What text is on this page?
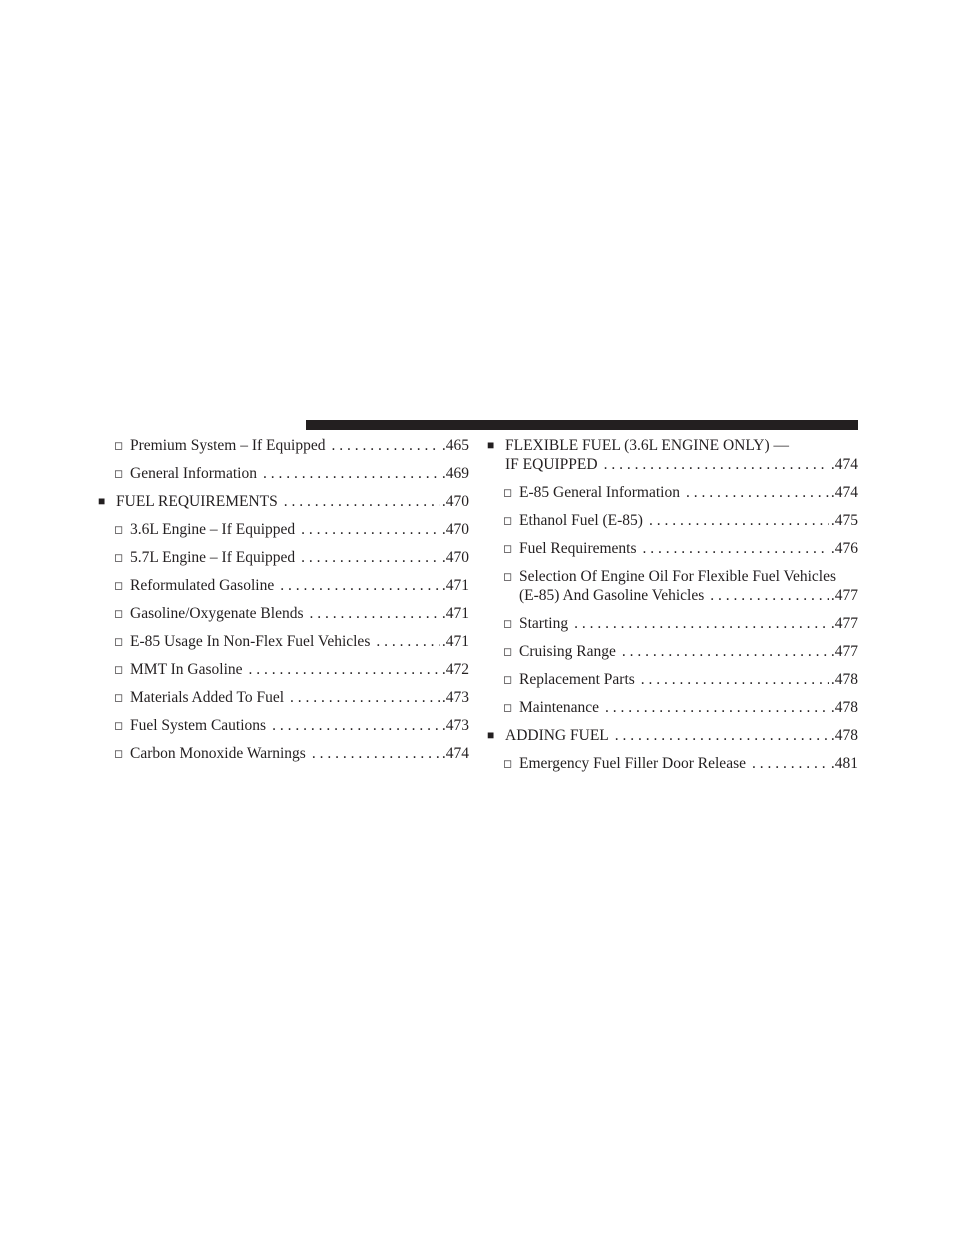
◻ Premium System – If Equipped . . .	.465
◻ General Information . . .	.469
■ FUEL REQUIREMENTS . . .	.470
◻ 3.6L Engine – If Equipped . . .	.470
◻ 5.7L Engine – If Equipped . . .	.470
◻ Reformulated Gasoline . . .	.471
◻ Gasoline/Oxygenate Blends . . .	.471
◻ E-85 Usage In Non-Flex Fuel Vehicles . . .	.471
◻ MMT In Gasoline . . .	.472
◻ Materials Added To Fuel . . .	.473
◻ Fuel System Cautions . . .	.473
◻ Carbon Monoxide Warnings . . .	.474
■ FLEXIBLE FUEL (3.6L ENGINE ONLY) —
IF EQUIPPED . . .	.474
◻ E-85 General Information . . .	.474
◻ Ethanol Fuel (E-85) . . .	.475
◻ Fuel Requirements . . .	.476
◻ Selection Of Engine Oil For Flexible Fuel Vehicles
(E-85) And Gasoline Vehicles . . .	.477
◻ Starting . . .	.477
◻ Cruising Range . . .	.477
◻ Replacement Parts . . .	.478
◻ Maintenance . . .	.478
■ ADDING FUEL . . .	.478
◻ Emergency Fuel Filler Door Release . . .	.481
